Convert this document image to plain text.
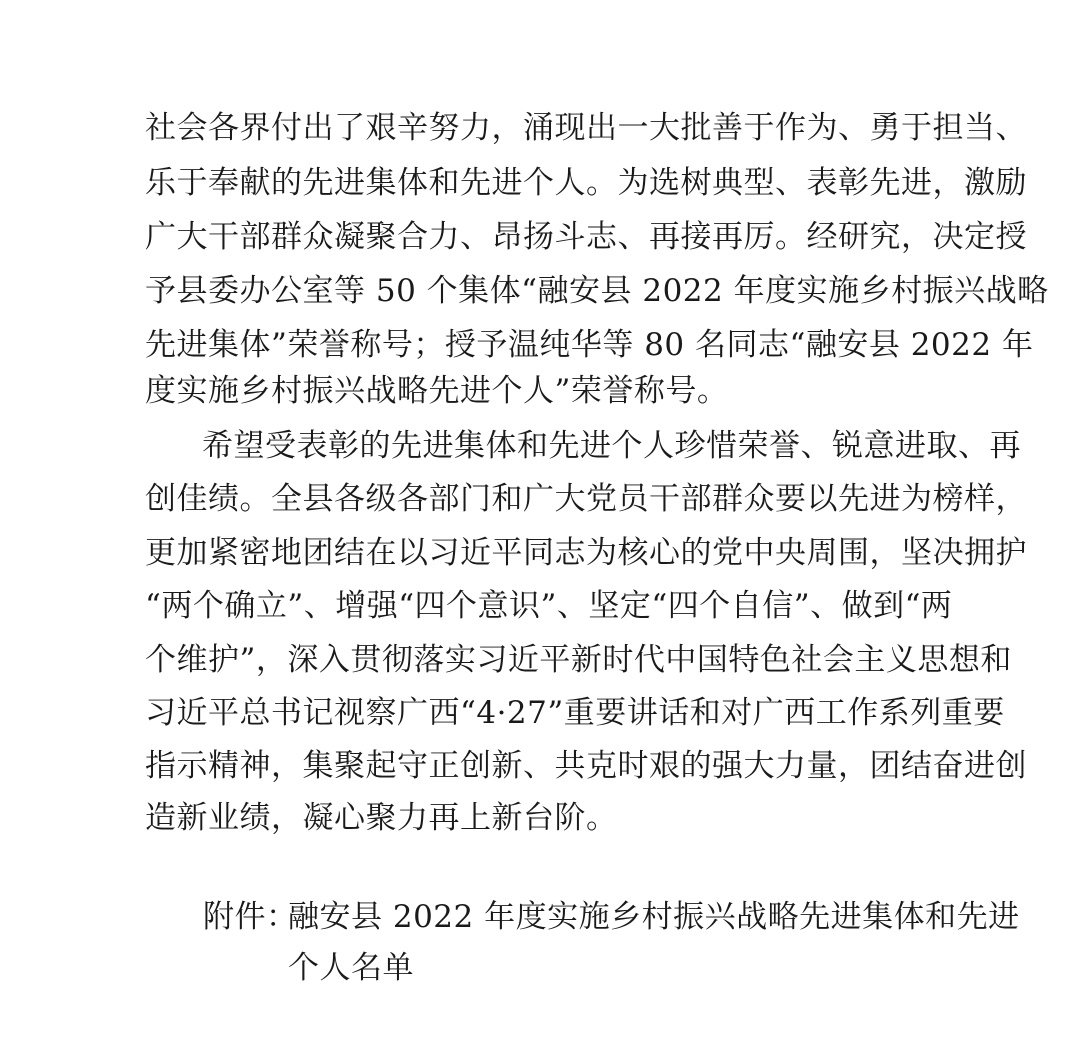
社会各界付出了艰辛努力，涌现出一大批善于作为、勇于担当、
乐于奉献的先进集体和先进个人。为选树典型、表彰先进，激励
广大干部群众凝聚合力、昂扬斗志、再接再厉。经研究，决定授
予县委办公室等 50 个集体“融安县 2022 年度实施乡村振兴战略
先进集体”荣誉称号；授予温纯华等 80 名同志“融安县 2022 年
度实施乡村振兴战略先进个人”荣誉称号。
希望受表彰的先进集体和先进个人珍惜荣誉、锐意进取、再
创佳绩。全县各级各部门和广大党员干部群众要以先进为榜样，
更加紧密地团结在以习近平同志为核心的党中央周围，坚决拥护
“两个确立”、增强“四个意识”、坚定“四个自信”、做到“两
个维护”，深入贯彻落实习近平新时代中国特色社会主义思想和
习近平总书记视察广西“4·27”重要讲话和对广西工作系列重要
指示精神，集聚起守正创新、共克时艰的强大力量，团结奋进创
造新业绩，凝心聚力再上新台阶。
附件：
融安县 2022 年度实施乡村振兴战略先进集体和先进
个人名单
